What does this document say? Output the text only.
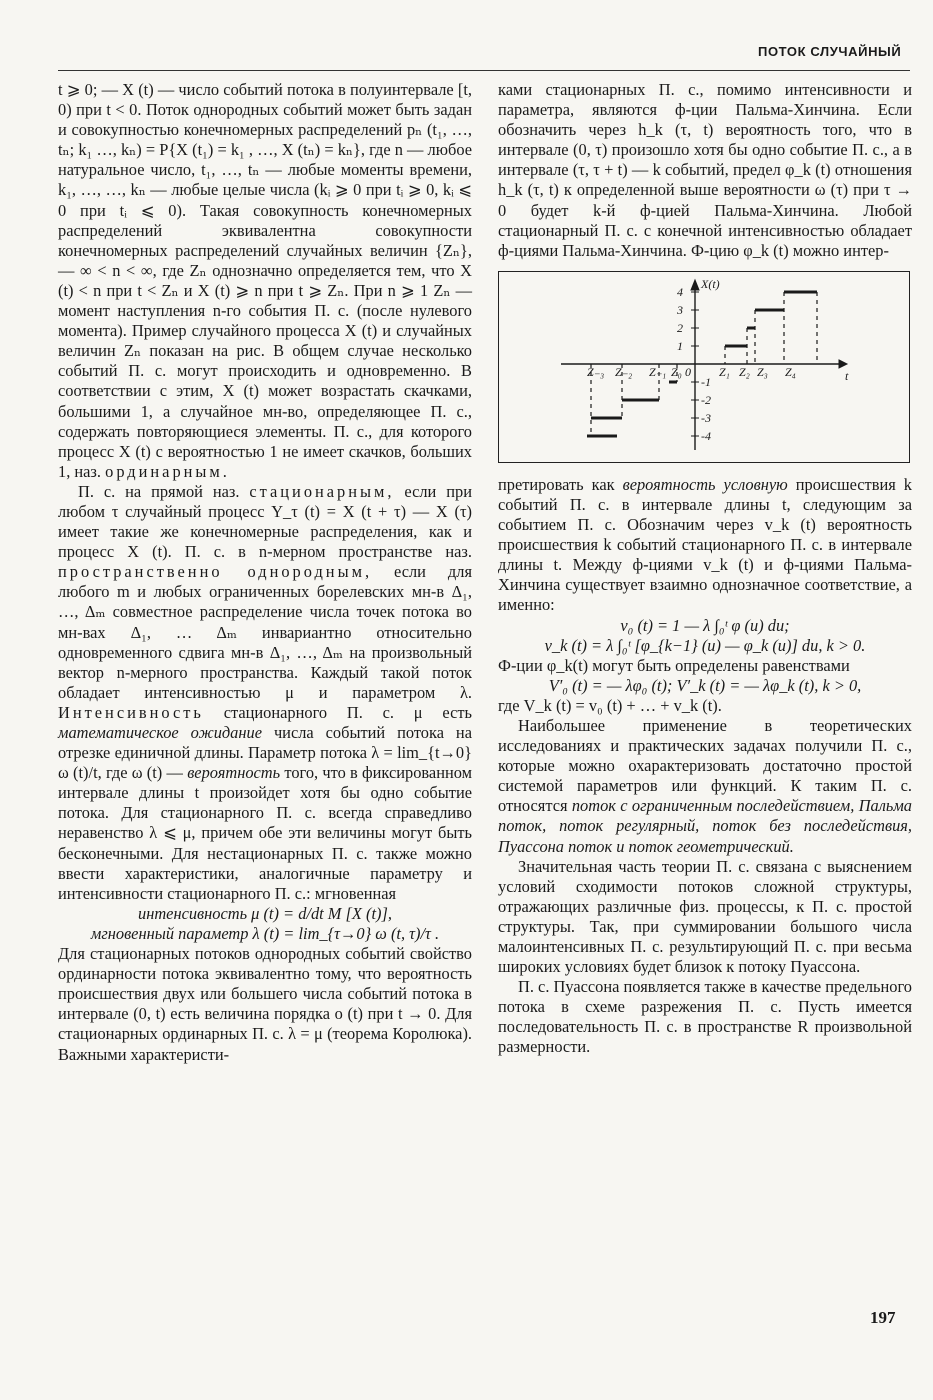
ПОТОК СЛУЧАЙНЫЙ

t ⩾ 0; — X (t) — число событий потока в полуинтервале [t, 0) при t < 0. Поток однородных событий может быть задан и совокупностью конечномерных распределений pₙ (t₁, …, tₙ; k₁ …, kₙ) = P{X (t₁) = k₁ , …, X (tₙ) = kₙ}, где n — любое натуральное число, t₁, …, tₙ — любые моменты времени, k₁, …, …, kₙ — любые целые числа (kᵢ ⩾ 0 при tᵢ ⩾ 0, kᵢ ⩽ 0 при tᵢ ⩽ 0). Такая совокупность конечномерных распределений эквивалентна совокупности конечномерных распределений случайных величин {Zₙ}, — ∞ < n < ∞, где Zₙ однозначно определяется тем, что X (t) < n при t < Zₙ и X (t) ⩾ n при t ⩾ Zₙ. При n ⩾ 1 Zₙ — момент наступления n-го события П. с. (после нулевого момента). Пример случайного процесса X (t) и случайных величин Zₙ показан на рис. В общем случае несколько событий П. с. могут происходить и одновременно. В соответствии с этим, X (t) может возрастать скачками, большими 1, а случайное мн-во, определяющее П. с., содержать повторяющиеся элементы. П. с., для которого процесс X (t) с вероятностью 1 не имеет скачков, больших 1, наз. ординарным.

П. с. на прямой наз. стационарным, если при любом τ случайный процесс Y_τ (t) = X (t + τ) — X (τ) имеет такие же конечномерные распределения, как и процесс X (t). П. с. в n-мерном пространстве наз. пространственно однородным, если для любого m и любых ограниченных борелевских мн-в Δ₁, …, Δₘ совместное распределение числа точек потока во мн-вах Δ₁, … Δₘ инвариантно относительно одновременного сдвига мн-в Δ₁, …, Δₘ на произвольный вектор n-мерного пространства. Каждый такой поток обладает интенсивностью μ и параметром λ. Интенсивность стационарного П. с. μ есть математическое ожидание числа событий потока на отрезке единичной длины. Параметр потока λ = lim_{t→0} ω (t)/t, где ω (t) — вероятность того, что в фиксированном интервале длины t произойдет хотя бы одно событие потока. Для стационарного П. с. всегда справедливо неравенство λ ⩽ μ, причем обе эти величины могут быть бесконечными. Для нестационарных П. с. также можно ввести характеристики, аналогичные параметру и интенсивности стационарного П. с.: мгновенная

интенсивность μ (t) = d/dt M [X (t)],

мгновенный параметр λ (t) = lim_{τ→0} ω (t, τ)/τ .

Для стационарных потоков однородных событий свойство ординарности потока эквивалентно тому, что вероятность происшествия двух или большего числа событий потока в интервале (0, t) есть величина порядка o (t) при t → 0. Для стационарных ординарных П. с. λ = μ (теорема Королюка). Важными характеристи-

ками стационарных П. с., помимо интенсивности и параметра, являются ф-ции Пальма-Хинчина. Если обозначить через h_k (τ, t) вероятность того, что в интервале (0, τ) произошло хотя бы одно событие П. с., а в интервале (τ, τ + t) — k событий, предел φ_k (t) отношения h_k (τ, t) к определенной выше вероятности ω (τ) при τ → 0 будет k-й ф-цией Пальма-Хинчина. Любой стационарный П. с. с конечной интенсивностью обладает ф-циями Пальма-Хинчина. Ф-цию φ_k (t) можно интер-

X(t)
t
1
2
3
4
-1
-2
-3
-4
Z₋₃ Z₋₂ Z₋₁ Z₀ 0 Z₁ Z₂ Z₃ Z₄

претировать как вероятность условную происшествия k событий П. с. в интервале длины t, следующим за событием П. с. Обозначим через v_k (t) вероятность происшествия k событий стационарного П. с. в интервале длины t. Между ф-циями v_k (t) и ф-циями Пальма-Хинчина существует взаимно однозначное соответствие, а именно:

v₀ (t) = 1 — λ ∫₀ᵗ φ (u) du;

v_k (t) = λ ∫₀ᵗ [φ_{k−1} (u) — φ_k (u)] du, k > 0.

Ф-ции φ_k(t) могут быть определены равенствами

V′₀ (t) = — λφ₀ (t); V′_k (t) = — λφ_k (t), k > 0,

где V_k (t) = v₀ (t) + … + v_k (t).

Наибольшее применение в теоретических исследованиях и практических задачах получили П. с., которые можно охарактеризовать достаточно простой системой параметров или функций. К таким П. с. относятся поток с ограниченным последействием, Пальма поток, поток регулярный, поток без последействия, Пуассона поток и поток геометрический.

Значительная часть теории П. с. связана с выяснением условий сходимости потоков сложной структуры, отражающих различные физ. процессы, к П. с. простой структуры. Так, при суммировании большого числа малоинтенсивных П. с. результирующий П. с. при весьма широких условиях будет близок к потоку Пуассона.

П. с. Пуассона появляется также в качестве предельного потока в схеме разрежения П. с. Пусть имеется последовательность П. с. в пространстве R произвольной размерности.

197
